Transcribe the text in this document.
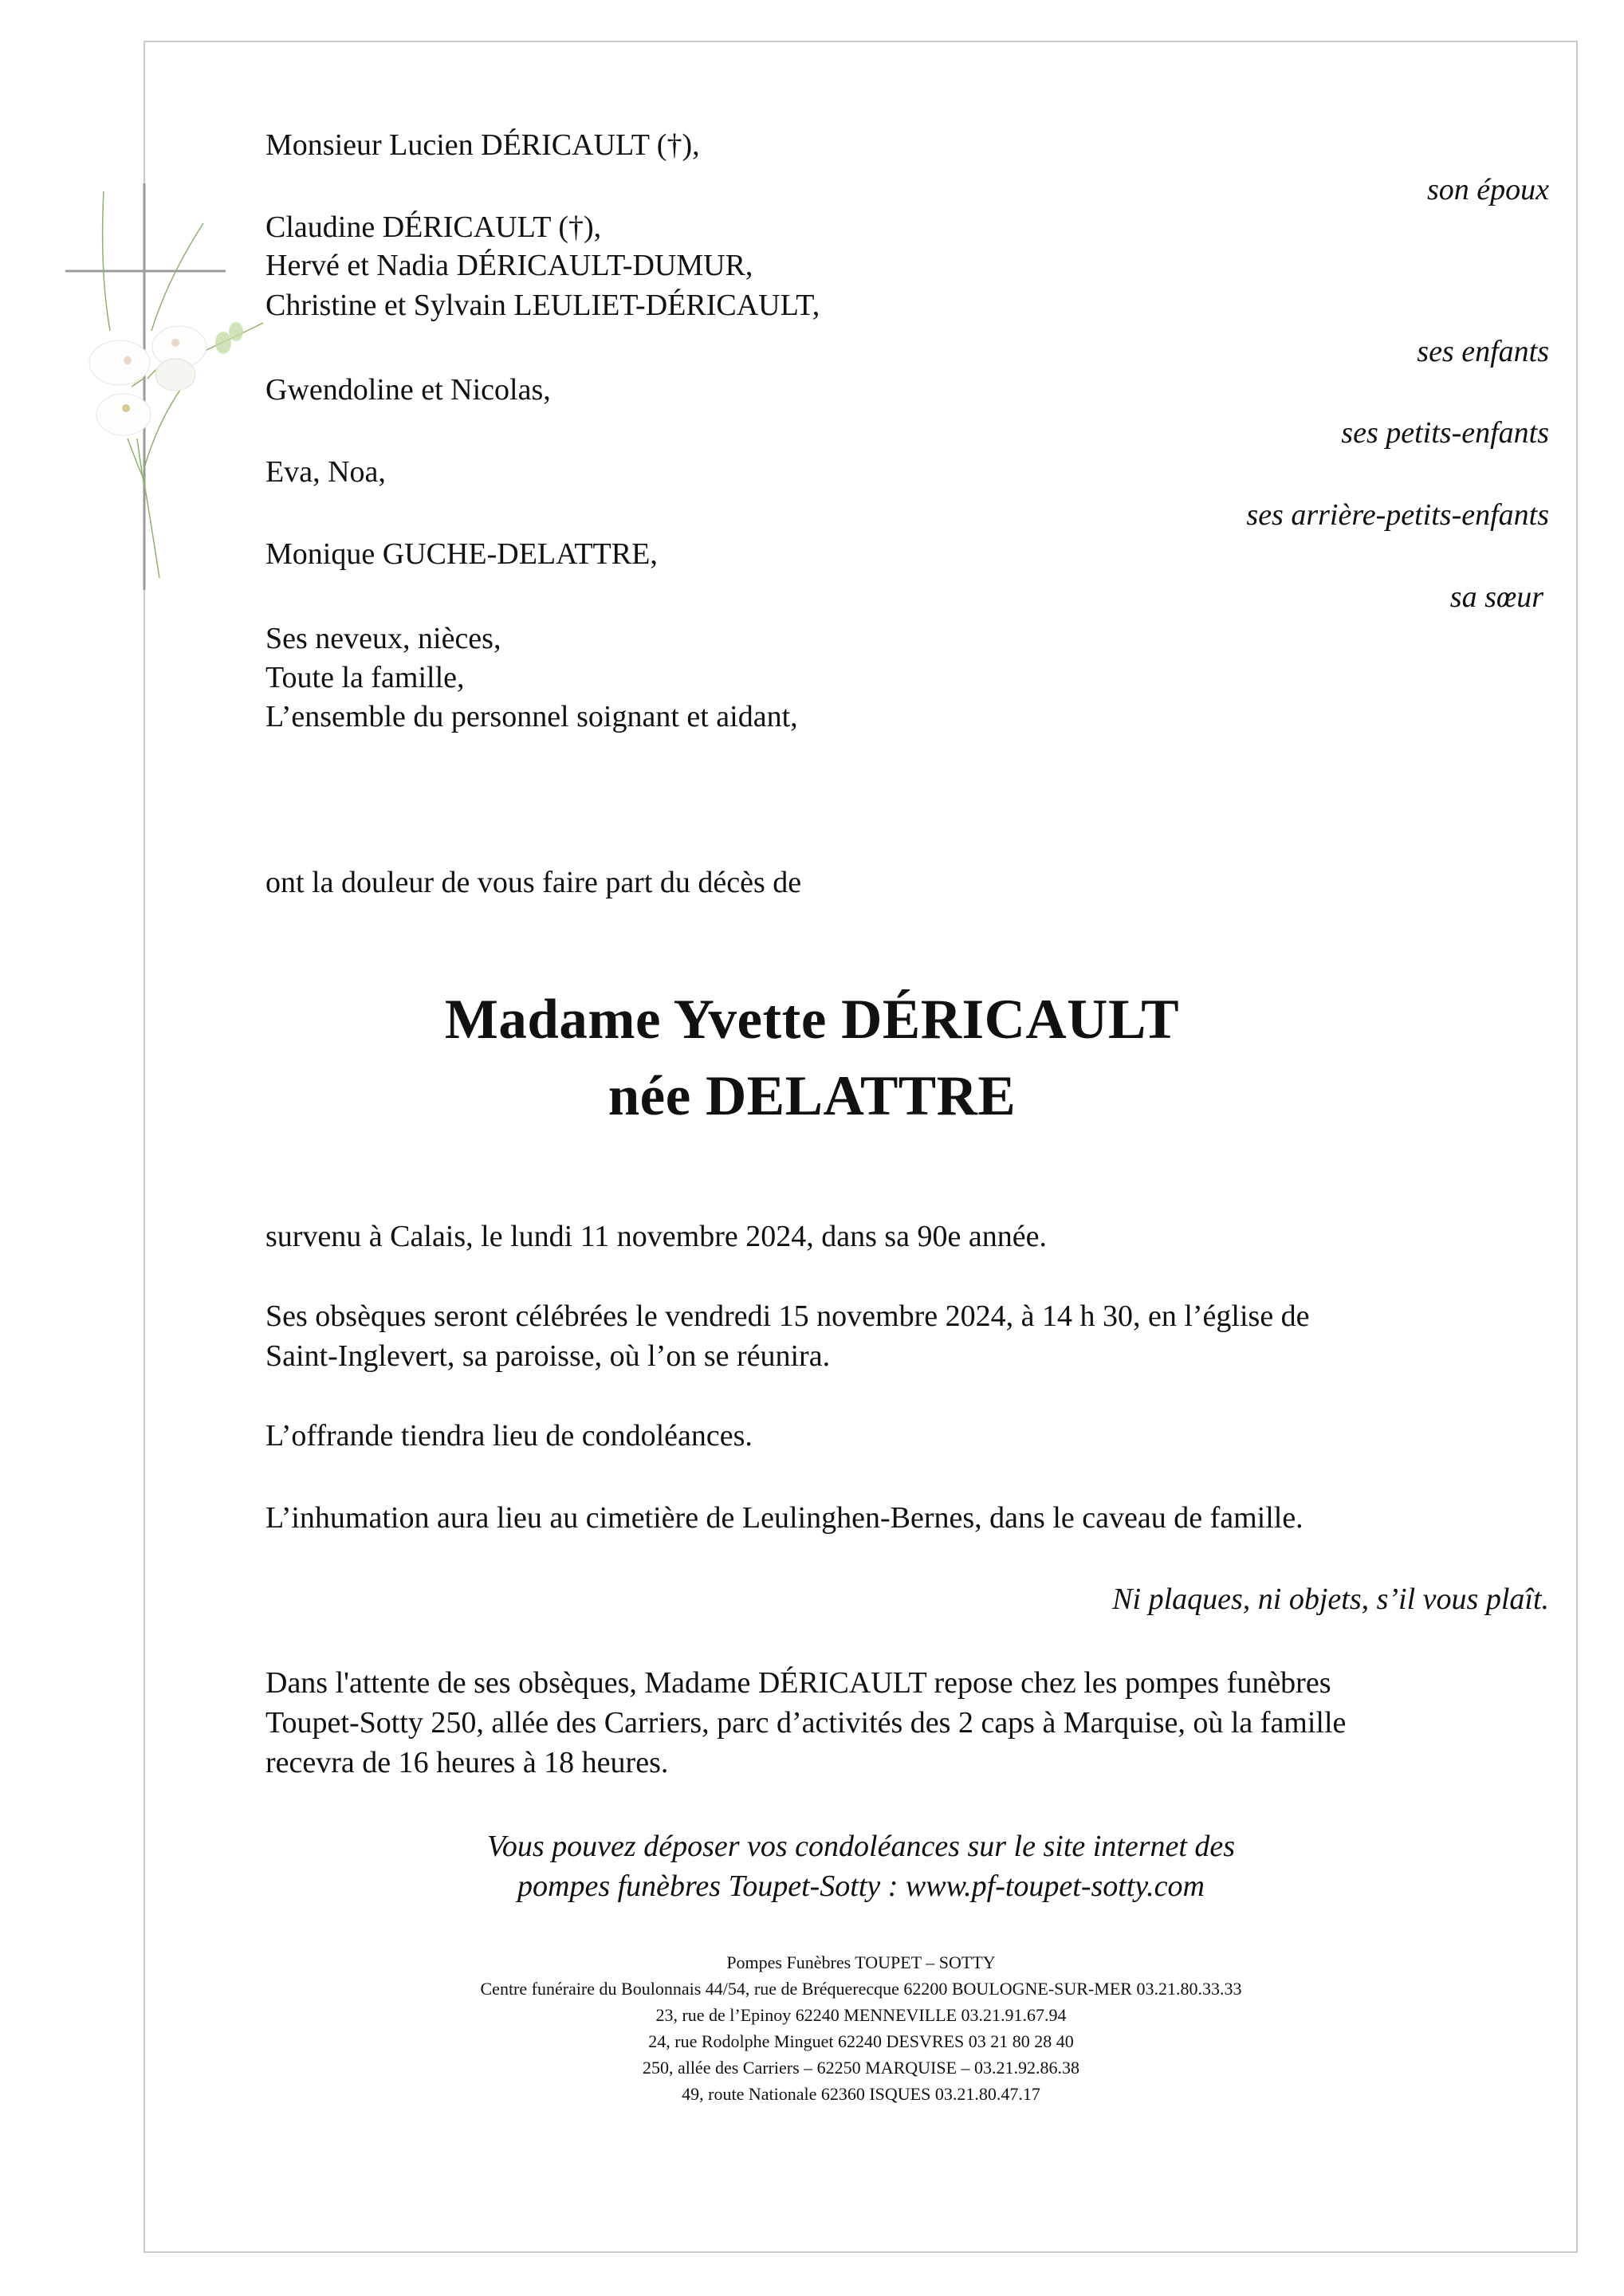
Monsieur Lucien DÉRICAULT (†),
Claudine DÉRICAULT (†),
Hervé et Nadia DÉRICAULT-DUMUR,
Christine et Sylvain LEULIET-DÉRICAULT,
Gwendoline et Nicolas,
Eva, Noa,
Monique GUCHE-DELATTRE,
Ses neveux, nièces,
Toute la famille,
L’ensemble du personnel soignant et aidant,
son époux
ses enfants
ses petits-enfants
ses arrière-petits-enfants
sa sœur
ont la douleur de vous faire part du décès de
Madame Yvette DÉRICAULT
née DELATTRE
survenu à Calais, le lundi 11 novembre 2024, dans sa 90e année.
Ses obsèques seront célébrées le vendredi 15 novembre 2024, à 14 h 30, en l’église de
Saint-Inglevert, sa paroisse, où l’on se réunira.
L’offrande tiendra lieu de condoléances.
L’inhumation aura lieu au cimetière de Leulinghen-Bernes, dans le caveau de famille.
Ni plaques, ni objets, s’il vous plaît.
Dans l'attente de ses obsèques, Madame DÉRICAULT repose chez les pompes funèbres
Toupet-Sotty 250, allée des Carriers, parc d’activités des 2 caps à Marquise, où la famille
recevra de 16 heures à 18 heures.
Vous pouvez déposer vos condoléances sur le site internet des
pompes funèbres Toupet-Sotty : www.pf-toupet-sotty.com
Pompes Funèbres TOUPET – SOTTY
Centre funéraire du Boulonnais 44/54, rue de Bréquerecque 62200 BOULOGNE-SUR-MER 03.21.80.33.33
23, rue de l’Epinoy 62240 MENNEVILLE 03.21.91.67.94
24, rue Rodolphe Minguet 62240 DESVRES 03 21 80 28 40
250, allée des Carriers – 62250 MARQUISE – 03.21.92.86.38
49, route Nationale 62360 ISQUES 03.21.80.47.17
